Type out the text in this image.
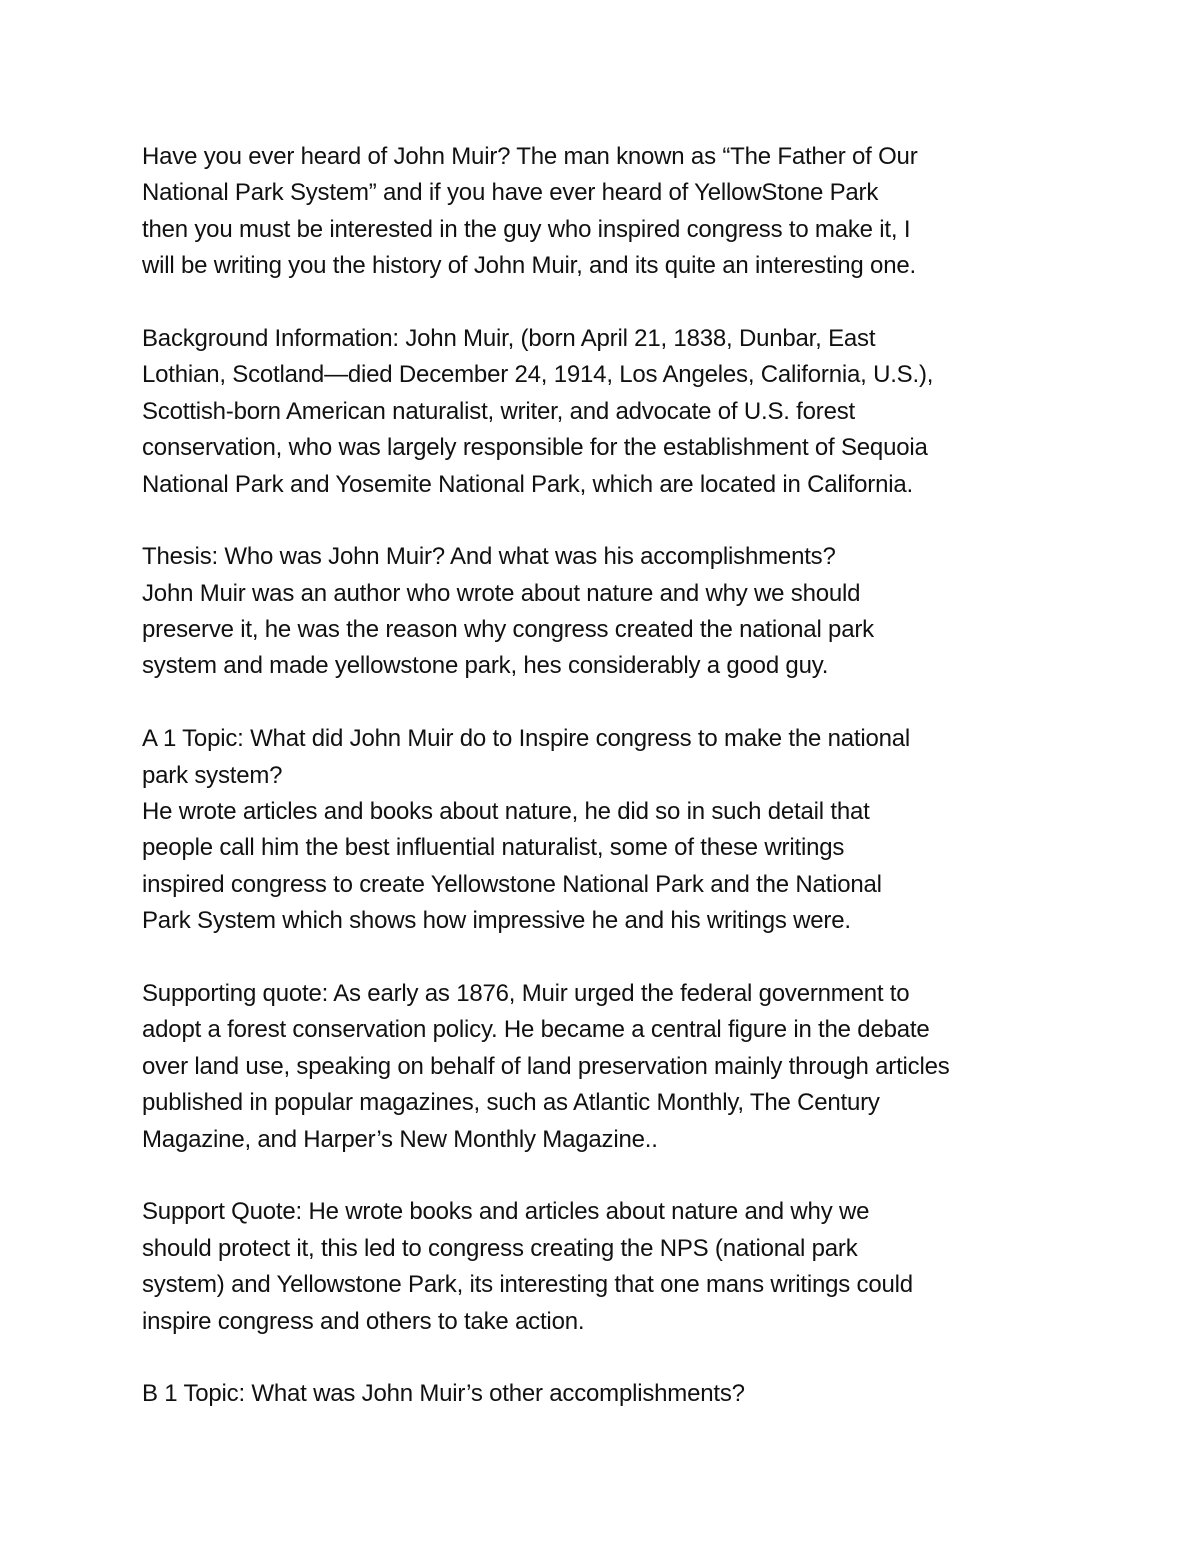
Have you ever heard of John Muir? The man known as “The Father of Our
National Park System” and if you have ever heard of YellowStone Park
then you must be interested in the guy who inspired congress to make it, I
will be writing you the history of John Muir, and its quite an interesting one.
Background Information: John Muir, (born April 21, 1838, Dunbar, East
Lothian, Scotland—died December 24, 1914, Los Angeles, California, U.S.),
Scottish-born American naturalist, writer, and advocate of U.S. forest
conservation, who was largely responsible for the establishment of Sequoia
National Park and Yosemite National Park, which are located in California.
Thesis: Who was John Muir? And what was his accomplishments?
John Muir was an author who wrote about nature and why we should
preserve it, he was the reason why congress created the national park
system and made yellowstone park, hes considerably a good guy.
A 1 Topic: What did John Muir do to Inspire congress to make the national
park system?
He wrote articles and books about nature, he did so in such detail that
people call him the best influential naturalist, some of these writings
inspired congress to create Yellowstone National Park and the National
Park System which shows how impressive he and his writings were.
Supporting quote: As early as 1876, Muir urged the federal government to
adopt a forest conservation policy. He became a central figure in the debate
over land use, speaking on behalf of land preservation mainly through articles
published in popular magazines, such as Atlantic Monthly, The Century
Magazine, and Harper’s New Monthly Magazine..
Support Quote: He wrote books and articles about nature and why we
should protect it, this led to congress creating the NPS (national park
system) and Yellowstone Park, its interesting that one mans writings could
inspire congress and others to take action.
B 1 Topic: What was John Muir’s other accomplishments?
